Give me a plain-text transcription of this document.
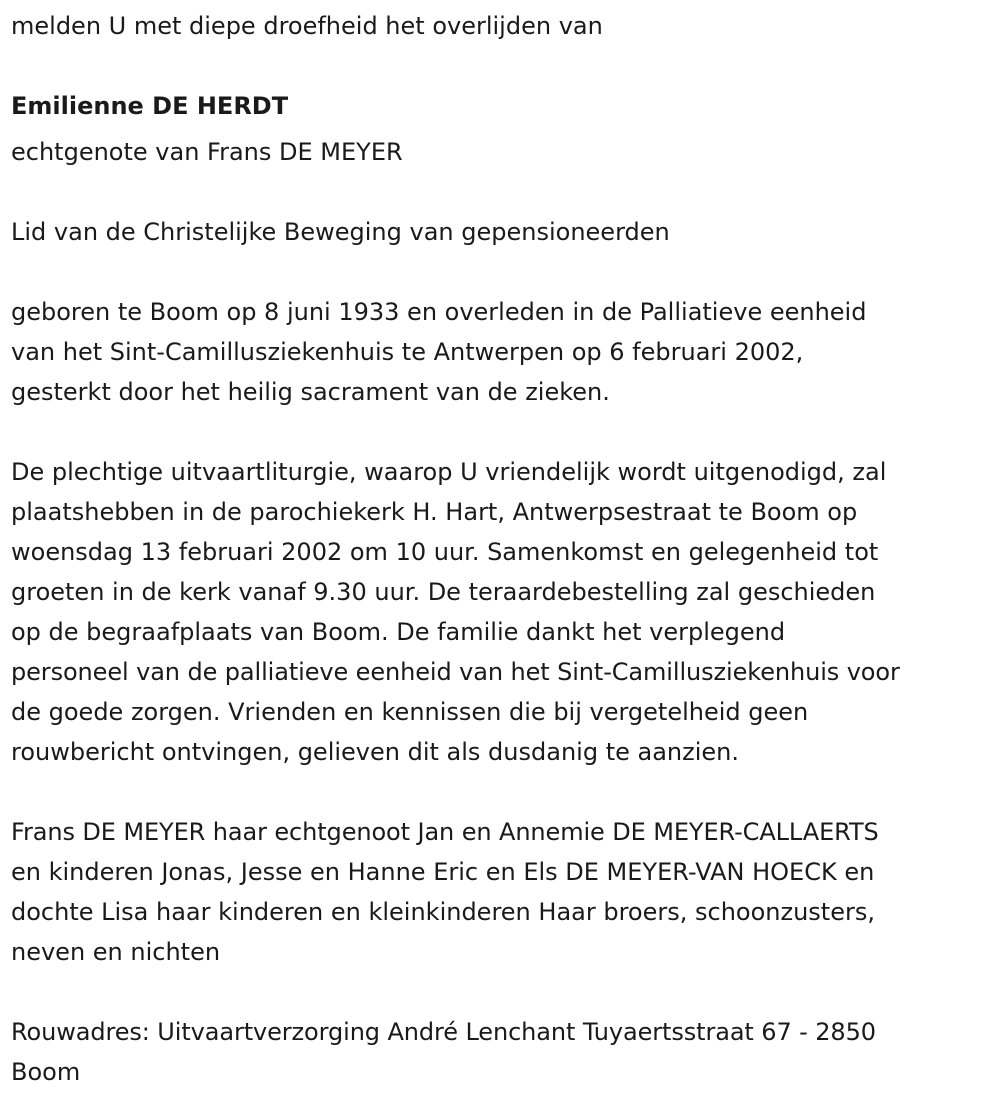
melden U met diepe droefheid het overlijden van

Emilienne DE HERDT

echtgenote van Frans DE MEYER

Lid van de Christelijke Beweging van gepensioneerden

geboren te Boom op 8 juni 1933 en overleden in de Palliatieve eenheid

van het Sint-Camillusziekenhuis te Antwerpen op 6 februari 2002,

gesterkt door het heilig sacrament van de zieken.

De plechtige uitvaartliturgie, waarop U vriendelijk wordt uitgenodigd, zal

plaatshebben in de parochiekerk H. Hart, Antwerpsestraat te Boom op

woensdag 13 februari 2002 om 10 uur. Samenkomst en gelegenheid tot

groeten in de kerk vanaf 9.30 uur. De teraardebestelling zal geschieden

op de begraafplaats van Boom. De familie dankt het verplegend

personeel van de palliatieve eenheid van het Sint-Camillusziekenhuis voor

de goede zorgen. Vrienden en kennissen die bij vergetelheid geen

rouwbericht ontvingen, gelieven dit als dusdanig te aanzien.

Frans DE MEYER haar echtgenoot Jan en Annemie DE MEYER-CALLAERTS

en kinderen Jonas, Jesse en Hanne Eric en Els DE MEYER-VAN HOECK en

dochte Lisa haar kinderen en kleinkinderen Haar broers, schoonzusters,

neven en nichten

Rouwadres: Uitvaartverzorging André Lenchant Tuyaertsstraat 67 - 2850

Boom
